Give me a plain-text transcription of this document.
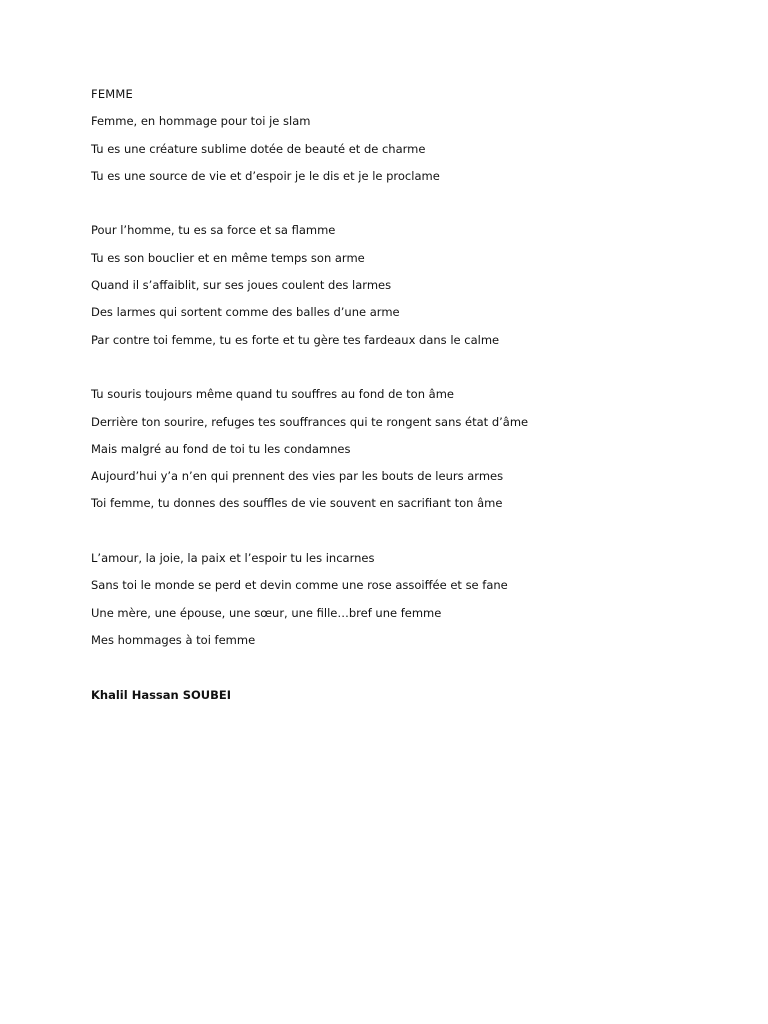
FEMME
Femme, en hommage pour toi je slam
Tu es une créature sublime dotée de beauté et de charme
Tu es une source de vie et d’espoir je le dis et je le proclame
Pour l’homme, tu es sa force et sa flamme
Tu es son bouclier et en même temps son arme
Quand il s’affaiblit, sur ses joues coulent des larmes
Des larmes qui sortent comme des balles d’une arme
Par contre toi femme, tu es forte et tu gère tes fardeaux dans le calme
Tu souris toujours même quand tu souffres au fond de ton âme
Derrière ton sourire, refuges tes souffrances qui te rongent sans état d’âme
Mais malgré au fond de toi tu les condamnes
Aujourd’hui y’a n’en qui prennent des vies par les bouts de leurs armes
Toi femme, tu donnes des souffles de vie souvent en sacrifiant ton âme
L’amour, la joie, la paix et l’espoir tu les incarnes
Sans toi le monde se perd et devin comme une rose assoiffée et se fane
Une mère, une épouse, une sœur, une fille…bref une femme
Mes hommages à toi femme
Khalil Hassan SOUBEI
